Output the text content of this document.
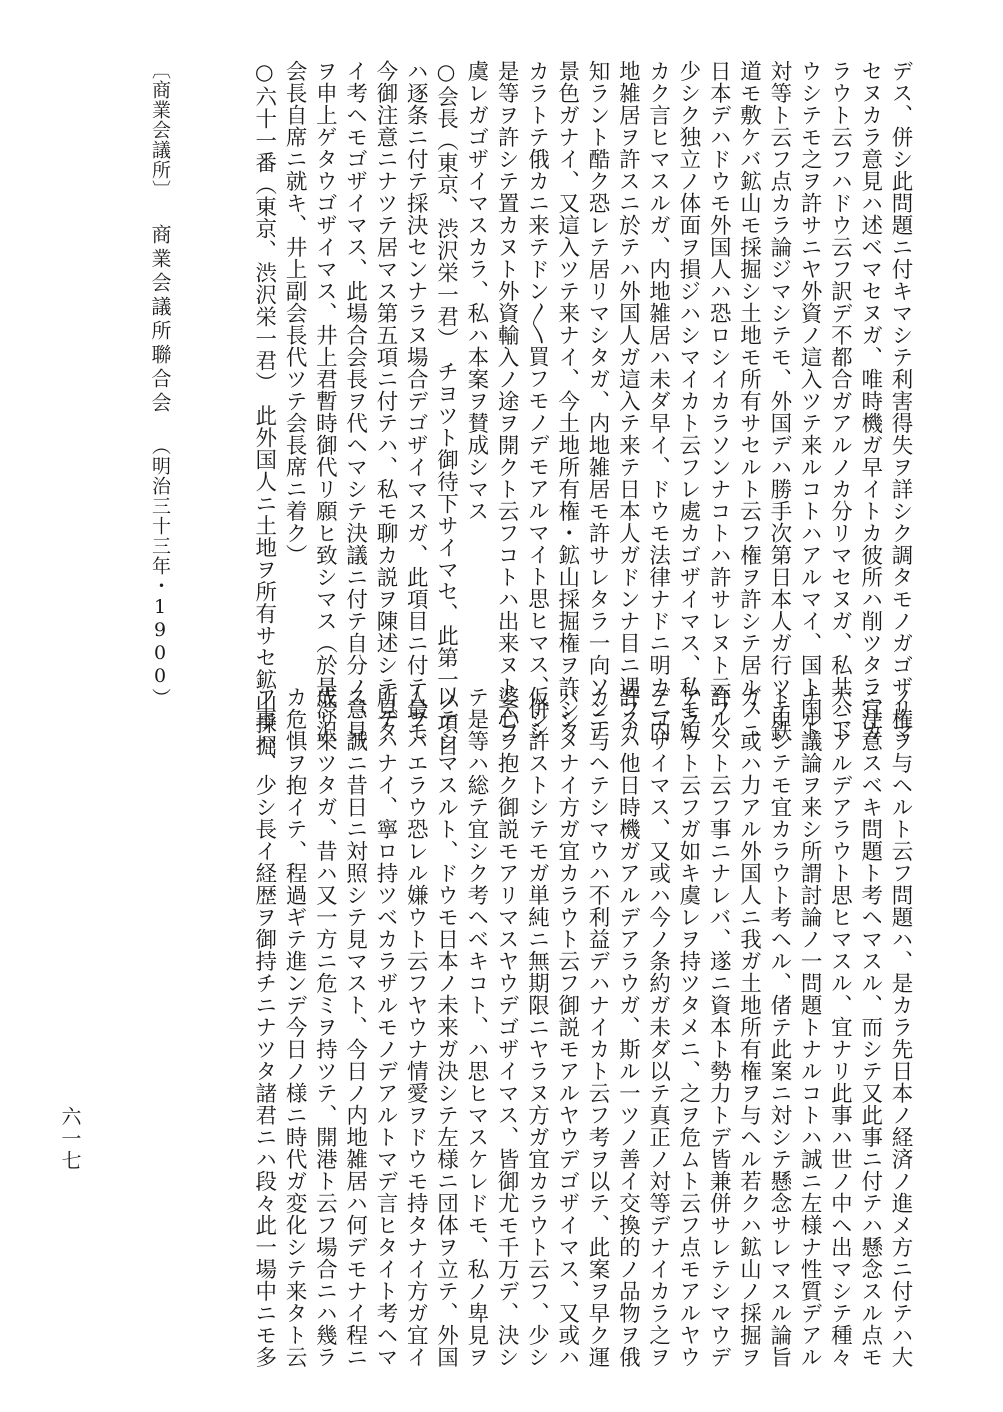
デス、併シ此問題ニ付キマシテ利害得失ヲ詳シク調タモノガゴザリマ
セヌカラ意見ハ述ベマセヌガ、唯時機ガ早イトカ彼所ハ削ツタラ宜カ
ラウト云フハドウ云フ訳デ不都合ガアルノカ分リマセヌガ、私共ハド
ウシテモ之ヲ許サニヤ外資ノ這入ツテ来ルコトハアルマイ、国ト国ト
対等ト云フ点カラ論ジマシテモ、外国デハ勝手次第日本人ガ行ツテ鉄
道モ敷ケバ鉱山モ採掘シ土地モ所有サセルト云フ権ヲ許シテ居ルノニ
日本デハドウモ外国人ハ恐ロシイカラソンナコトハ許サレヌト云フハ
少シク独立ノ体面ヲ損ジハシマイカト云フレ處カゴザイマス、私モ短
カク言ヒマスルガ、内地雑居ハ未ダ早イ、ドウモ法律ナドニ明カニ内
地雑居ヲ許スニ於テハ外国人ガ這入テ来テ日本人ガドンナ目ニ遇フカ
知ラント酷ク恐レテ居リマシタガ、内地雑居モ許サレタラ一向ソンナ
景色ガナイ、又這入ツテ来ナイ、今土地所有権・鉱山採掘権ヲ許シタ
カラトテ俄カニ来テドン〳〵買フモノデモアルマイト思ヒマス、併シ
是等ヲ許シテ置カヌト外資輸入ノ途ヲ開クト云フコトハ出来ヌト云フ
虞レガゴザイマスカラ、私ハ本案ヲ賛成シマス
○会長（東京、渋沢栄一君）　チヨツト御待下サイマセ、此第一ノ項目
ハ逐条ニ付テ採決センナラヌ場合デゴザイマスガ、此項目ニ付テ最モ
今御注意ニナツテ居マス第五項ニ付テハ、私モ聊カ説ヲ陳述シテ見タ
イ考ヘモゴザイマス、此場合会長ヲ代ヘマシテ決議ニ付テ自分ノ意見
ヲ申上ゲタウゴザイマス、井上君暫時御代リ願ヒ致シマス（於是渋沢
会長自席ニ就キ、井上副会長代ツテ会長席ニ着ク）
○六十一番（東京、渋沢栄一君）　此外国人ニ土地ヲ所有サセ鉱山採掘
〔商業会議所〕商業会議所聯合会（明治三十三年・1900）
ノ権ヲ与ヘルト云フ問題ハ、是カラ先日本ノ経済ノ進メ方ニ付テハ大
ニ注意スベキ問題ト考ヘマスル、而シテ又此事ニ付テハ懸念スル点モ
大ニアルデアラウト思ヒマスル、宜ナリ此事ハ世ノ中ヘ出マシテ種々
ナル議論ヲ来シ所謂討論ノ一問題トナルコトハ誠ニ左様ナ性質デアル
ト申シテモ宜カラウト考ヘル、偖テ此案ニ対シテ懸念サレマスル論旨
ガ、或ハ力アル外国人ニ我ガ土地所有権ヲ与ヘル若クハ鉱山ノ採掘ヲ
許ルスト云フ事ニナレバ、遂ニ資本ト勢力トデ皆兼併サレテシマウデ
アラウト云フガ如キ虞レヲ持ツタメニ、之ヲ危ムト云フ点モアルヤウ
デゴザイマス、又或ハ今ノ条約ガ未ダ以テ真正ノ対等デナイカラ之ヲ
許スハ他日時機ガアルデアラウガ、斯ル一ツノ善イ交換的ノ品物ヲ俄
カニ与ヘテシマウハ不利益デハナイカト云フ考ヲ以テ、此案ヲ早ク運
バシメナイ方ガ宜カラウト云フ御説モアルヤウデゴザイマス、又或ハ
仮シ許ストシテモガ単純ニ無期限ニヤラヌ方ガ宜カラウト云フ、少シ
婆心ヲ抱ク御説モアリマスヤウデゴザイマス、皆御尤モ千万デ、決シ
テ是等ハ総テ宜シク考ヘベキコト、ハ思ヒマスケレドモ、私ノ卑見ヲ
以テシマスルト、ドウモ日本ノ未来ガ決シテ左様ニ団体ヲ立テ、外国
人ヲバエラウ恐レル嫌ウト云フヤウナ情愛ヲドウモ持タナイ方ガ宜イ
所デハナイ、寧ロ持ツベカラザルモノデアルトマデ言ヒタイト考ヘマ
ス、誠ニ昔日ニ対照シテ見マスト、今日ノ内地雑居ハ何デモナイ程ニ
成リ来ツタガ、昔ハ又一方ニ危ミヲ持ツテ、開港ト云フ場合ニハ幾ラ
カ危惧ヲ抱イテ、程過ギテ進ンデ今日ノ様ニ時代ガ変化シテ来タト云
フ事ハ、少シ長イ経歴ヲ御持チニナツタ諸君ニハ段々此一場中ニモ多
六一七
